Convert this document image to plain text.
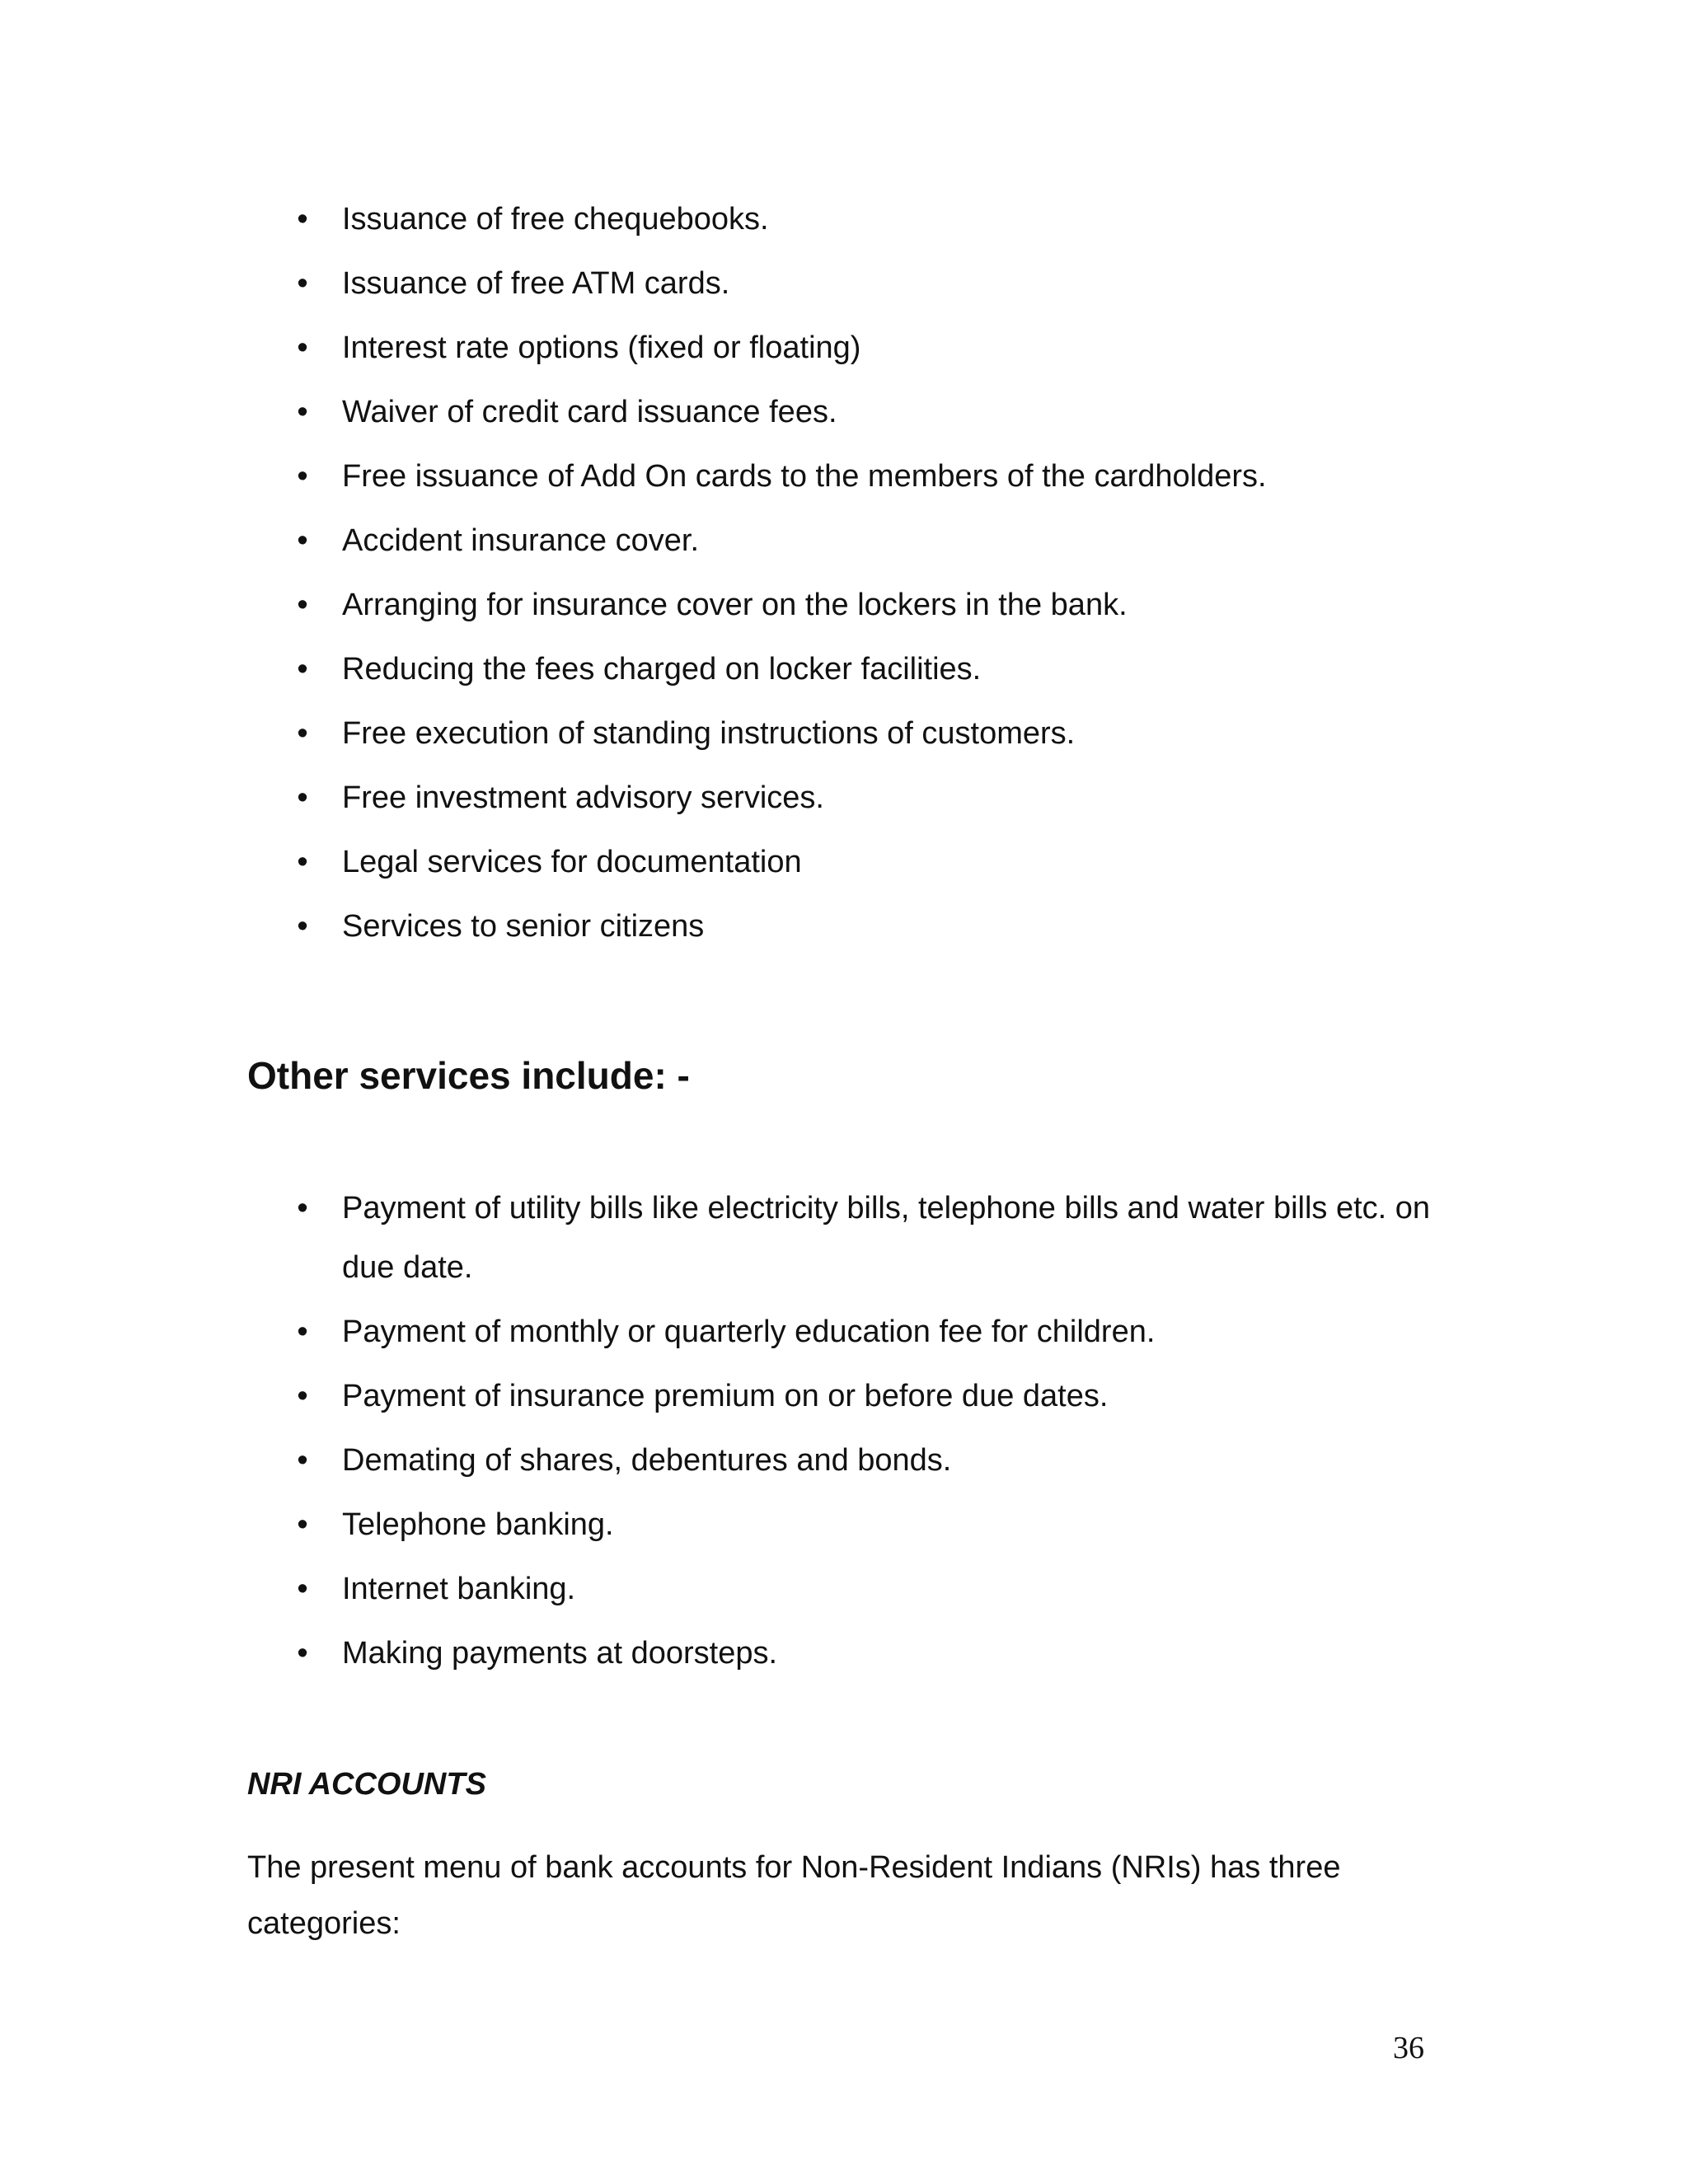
• Issuance of free chequebooks.
• Issuance of free ATM cards.
• Interest rate options (fixed or floating)
• Waiver of credit card issuance fees.
• Free issuance of Add On cards to the members of the cardholders.
• Accident insurance cover.
• Arranging for insurance cover on the lockers in the bank.
• Reducing the fees charged on locker facilities.
• Free execution of standing instructions of customers.
• Free investment advisory services.
• Legal services for documentation
• Services to senior citizens
Other services include: -
• Payment of utility bills like electricity bills, telephone bills and water bills etc. on due date.
• Payment of monthly or quarterly education fee for children.
• Payment of insurance premium on or before due dates.
• Demating of shares, debentures and bonds.
• Telephone banking.
• Internet banking.
• Making payments at doorsteps.
NRI ACCOUNTS

The present menu of bank accounts for Non-Resident Indians (NRIs) has three categories:

36
